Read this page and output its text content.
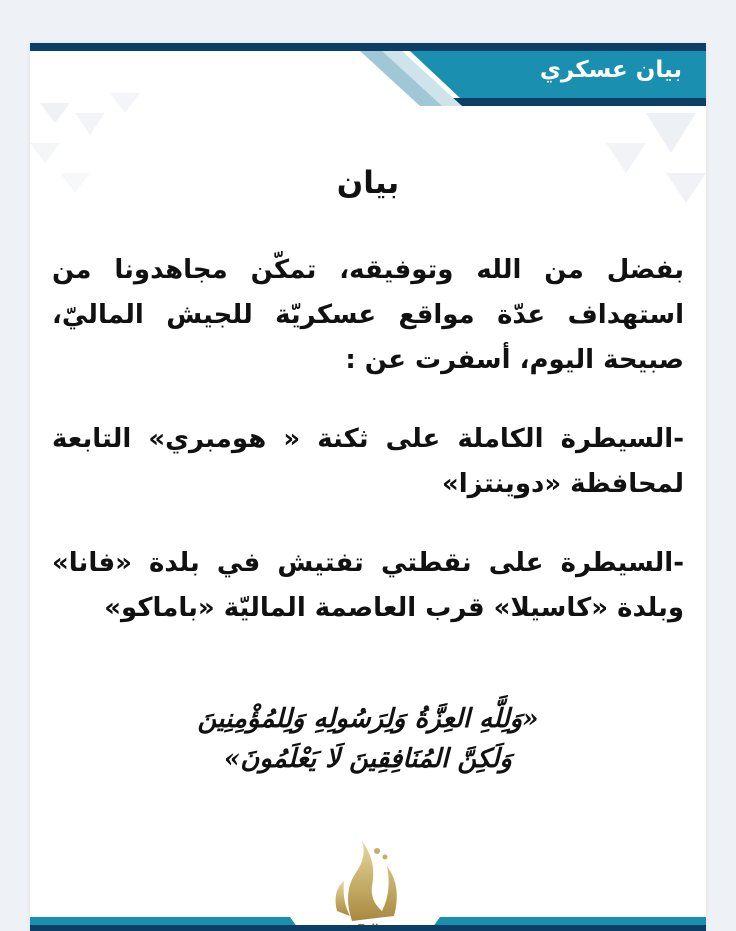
بيان عسكري
بيان

بفضل من الله وتوفيقه، تمكّن مجاهدونا من استهداف عدّة مواقع عسكريّة للجيش الماليّ، صبيحة اليوم، أسفرت عن :

-السيطرة الكاملة على ثكنة « هومبري» التابعة لمحافظة «دوينتزا»

-السيطرة على نقطتي تفتيش في بلدة «فانا» وبلدة «كاسيلا» قرب العاصمة الماليّة «باماكو»

«وَلِلَّهِ العِزَّةُ وَلِرَسُولِهِ وَلِلمُؤْمِنِينَ
وَلَكِنَّ المُنَافِقِينَ لَا يَعْلَمُونَ»
